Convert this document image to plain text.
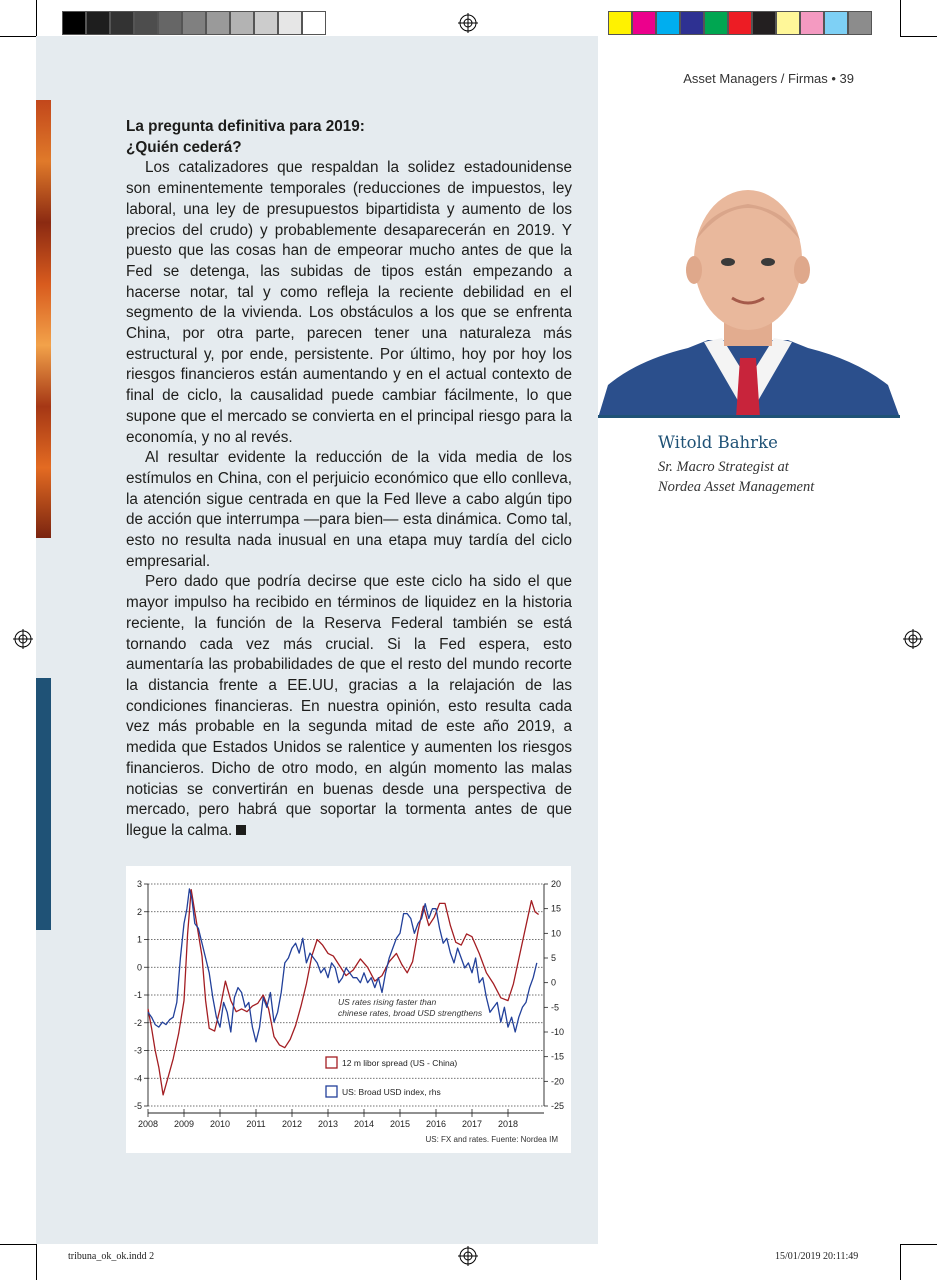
Asset Managers / Firmas • 39
La pregunta definitiva para 2019:
¿Quién cederá?

Los catalizadores que respaldan la solidez estadounidense son eminentemente temporales (reducciones de impuestos, ley laboral, una ley de presupuestos bipartidista y aumento de los precios del crudo) y probablemente desaparecerán en 2019. Y puesto que las cosas han de empeorar mucho antes de que la Fed se detenga, las subidas de tipos están empezando a hacerse notar, tal y como refleja la reciente debilidad en el segmento de la vivienda. Los obstáculos a los que se enfrenta China, por otra parte, parecen tener una naturaleza más estructural y, por ende, persistente. Por último, hoy por hoy los riesgos financieros están aumentando y en el actual contexto de final de ciclo, la causalidad puede cambiar fácilmente, lo que supone que el mercado se convierta en el principal riesgo para la economía, y no al revés.

Al resultar evidente la reducción de la vida media de los estímulos en China, con el perjuicio económico que ello conlleva, la atención sigue centrada en que la Fed lleve a cabo algún tipo de acción que interrumpa —para bien— esta dinámica. Como tal, esto no resulta nada inusual en una etapa muy tardía del ciclo empresarial.

Pero dado que podría decirse que este ciclo ha sido el que mayor impulso ha recibido en términos de liquidez en la historia reciente, la función de la Reserva Federal también se está tornando cada vez más crucial. Si la Fed espera, esto aumentaría las probabilidades de que el resto del mundo recorte la distancia frente a EE.UU, gracias a la relajación de las condiciones financieras. En nuestra opinión, esto resulta cada vez más probable en la segunda mitad de este año 2019, a medida que Estados Unidos se ralentice y aumenten los riesgos financieros. Dicho de otro modo, en algún momento las malas noticias se convertirán en buenas desde una perspectiva de mercado, pero habrá que soportar la tormenta antes de que llegue la calma.

Witold Bahrke
Sr. Macro Strategist at
Nordea Asset Management
3
2
1
0
-1
-2
-3
-4
-5
20
15
10
5
0
-5
-10
-15
-20
-25
2008 2009 2010 2011 2012 2013 2014 2015 2016 2017 2018
US rates rising faster than
chinese rates, broad USD strengthens
12 m libor spread (US - China)
US: Broad USD index, rhs
US: FX and rates. Fuente: Nordea IM
tribuna_ok_ok.indd 2	15/01/2019 20:11:49
